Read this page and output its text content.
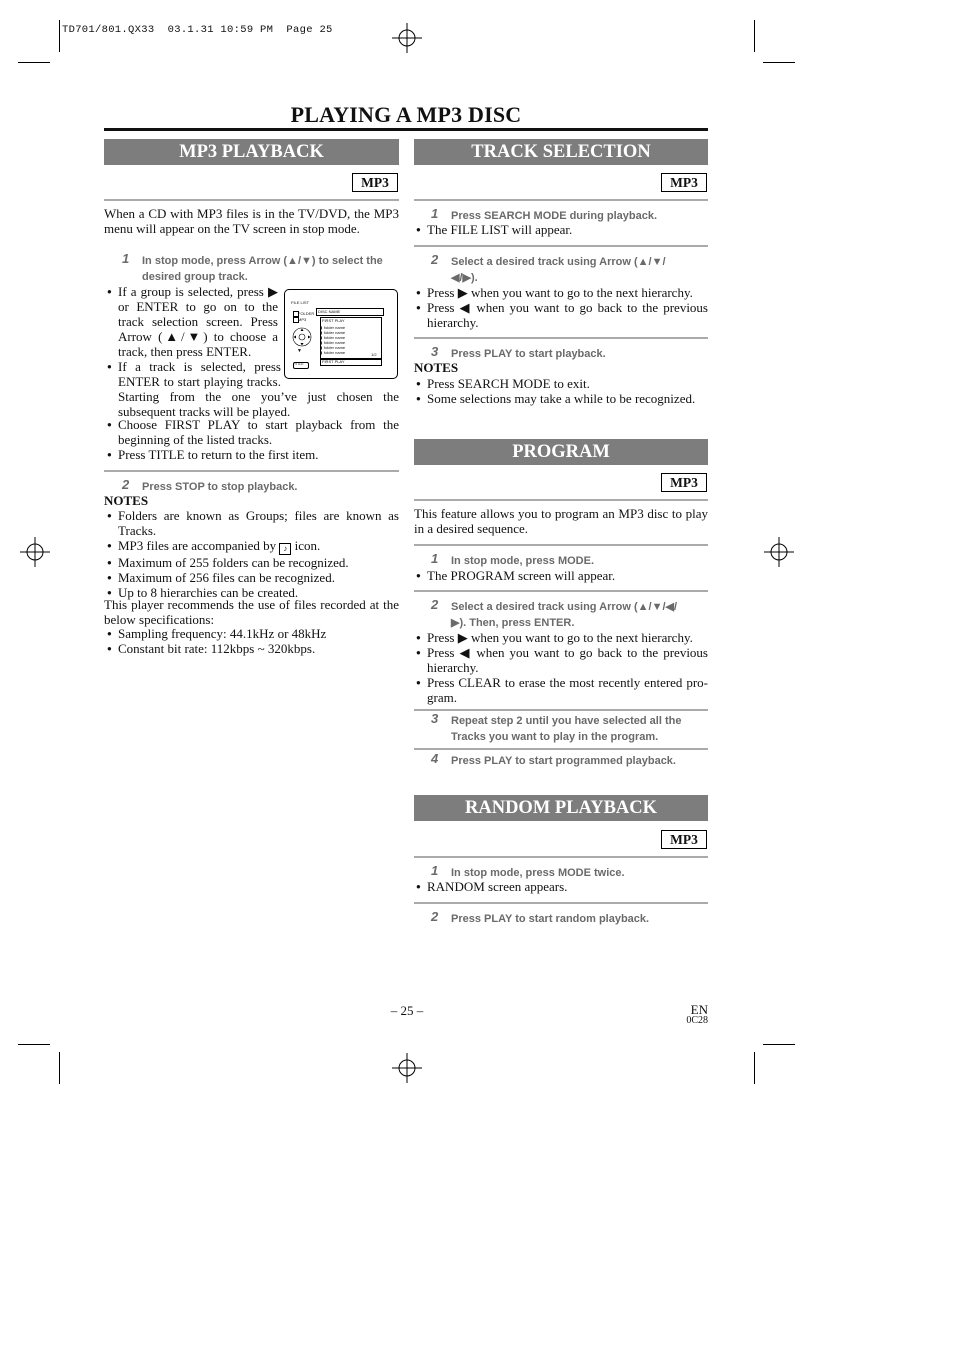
TD701/801.QX33  03.1.31 10:59 PM  Page 25
PLAYING A MP3 DISC
MP3 PLAYBACK
MP3
When a CD with MP3 files is in the TV/DVD, the MP3 menu will appear on the TV screen in stop mode.
1	In stop mode, press Arrow (▲/▼) to select the desired group track.
● If a group is selected, press ▶ or ENTER to go on to the track selection screen. Press Arrow (▲/▼) to choose a track, then press ENTER.
● If a track is selected, press ENTER to start playing tracks. Starting from the one you’ve just chosen the subsequent tracks will be played.
● Choose FIRST PLAY to start playback from the beginning of the listed tracks.
● Press TITLE to return to the first item.
FILE LIST
FOLDER
MP3
DISC NAME
FIRST PLAY
▮ folder name
▮ folder name
▮ folder name
▮ folder name
▮ folder name
▮ folder name
FIRST PLAY
1/2
▼
TITLE
2	Press STOP to stop playback.
NOTES
● Folders are known as Groups; files are known as Tracks.
● MP3 files are accompanied by ♪ icon.
● Maximum of 255 folders can be recognized.
● Maximum of 256 files can be recognized.
● Up to 8 hierarchies can be created.
This player recommends the use of files recorded at the below specifications:
● Sampling frequency: 44.1kHz or 48kHz
● Constant bit rate: 112kbps ~ 320kbps.
TRACK SELECTION
MP3
1	Press SEARCH MODE during playback.
● The FILE LIST will appear.
2	Select a desired track using Arrow (▲/▼/◀/▶).
● Press ▶ when you want to go to the next hierarchy.
● Press ◀ when you want to go back to the previous hierarchy.
3	Press PLAY to start playback.
NOTES
● Press SEARCH MODE to exit.
● Some selections may take a while to be recognized.
PROGRAM
MP3
This feature allows you to program an MP3 disc to play in a desired sequence.
1	In stop mode, press MODE.
● The PROGRAM screen will appear.
2	Select a desired track using Arrow (▲/▼/◀/▶). Then, press ENTER.
● Press ▶ when you want to go to the next hierarchy.
● Press ◀ when you want to go back to the previous hierarchy.
● Press CLEAR to erase the most recently entered pro-gram.
3	Repeat step 2 until you have selected all the Tracks you want to play in the program.
4	Press PLAY to start programmed playback.
RANDOM PLAYBACK
MP3
1	In stop mode, press MODE twice.
● RANDOM screen appears.
2	Press PLAY to start random playback.
– 25 –	EN
0C28
